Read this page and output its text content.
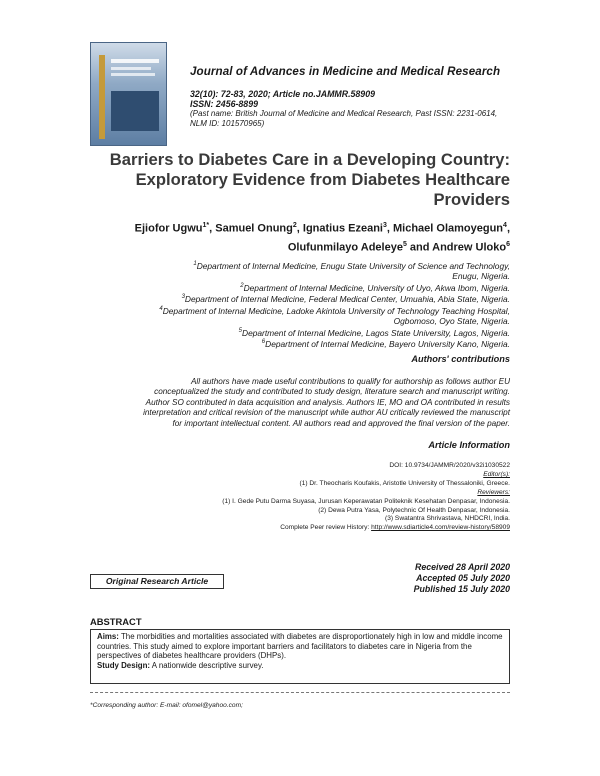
Journal of Advances in Medicine and Medical Research
32(10): 72-83, 2020; Article no.JAMMR.58909
ISSN: 2456-8899
(Past name: British Journal of Medicine and Medical Research, Past ISSN: 2231-0614,
NLM ID: 101570965)
Barriers to Diabetes Care in a Developing Country:
Exploratory Evidence from Diabetes Healthcare
Providers
Ejiofor Ugwu$^{1*}$, Samuel Onung$^2$, Ignatius Ezeani$^3$, Michael Olamoyegun$^4$,
Olufunmilayo Adeleye$^5$ and Andrew Uloko$^6$
$^1$Department of Internal Medicine, Enugu State University of Science and Technology,
Enugu, Nigeria.
$^2$Department of Internal Medicine, University of Uyo, Akwa Ibom, Nigeria.
$^3$Department of Internal Medicine, Federal Medical Center, Umuahia, Abia State, Nigeria.
$^4$Department of Internal Medicine, Ladoke Akintola University of Technology Teaching Hospital,
Ogbomoso, Oyo State, Nigeria.
$^5$Department of Internal Medicine, Lagos State University, Lagos, Nigeria.
$^6$Department of Internal Medicine, Bayero University Kano, Nigeria.
Authors' contributions
All authors have made useful contributions to qualify for authorship as follows author EU
conceptualized the study and contributed to study design, literature search and manuscript writing.
Author SO contributed in data acquisition and analysis. Authors IE, MO and OA contributed in results
interpretation and critical revision of the manuscript while author AU critically reviewed the manuscript
for important intellectual content. All authors read and approved the final version of the paper.
Article Information
DOI: 10.9734/JAMMR/2020/v32i1030522
Editor(s):
(1) Dr. Theocharis Koufakis, Aristotle University of Thessaloniki, Greece.
Reviewers:
(1) I. Gede Putu Darma Suyasa, Jurusan Keperawatan Politeknik Kesehatan Denpasar, Indonesia.
(2) Dewa Putra Yasa, Polytechnic Of Health Denpasar, Indonesia.
(3) Swatantra Shrivastava, NHDCRI, India.
Complete Peer review History: http://www.sdiarticle4.com/review-history/58909
Original Research Article
Received 28 April 2020
Accepted 05 July 2020
Published 15 July 2020
ABSTRACT
Aims: The morbidities and mortalities associated with diabetes are disproportionately high in low and middle income countries. This study aimed to explore important barriers and facilitators to diabetes care in Nigeria from the perspectives of diabetes healthcare providers (DHPs).
Study Design: A nationwide descriptive survey.
*Corresponding author: E-mail: ofomel@yahoo.com;
